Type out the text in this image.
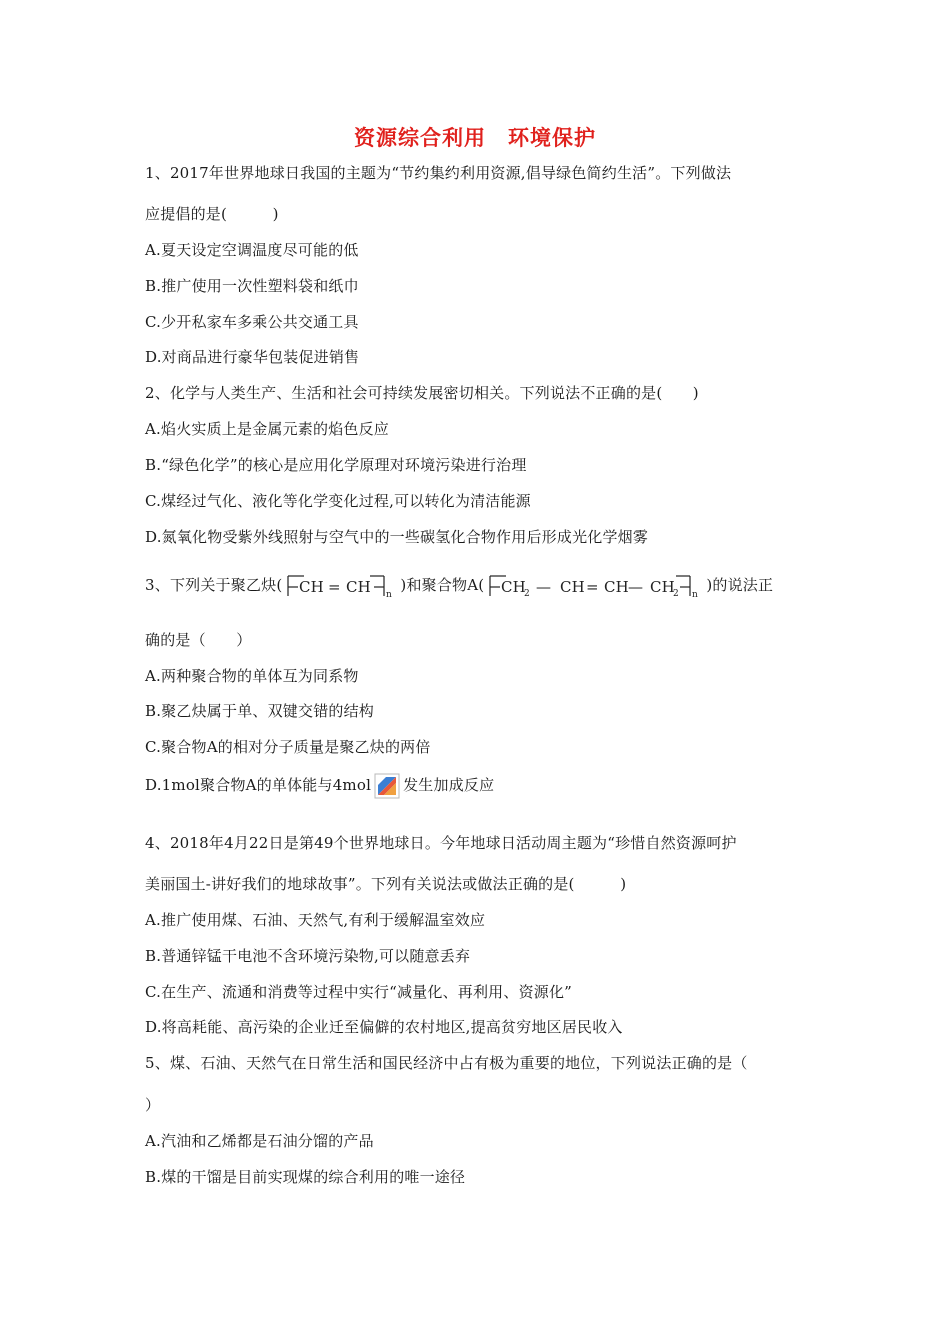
资源综合利用　环境保护
1、2017年世界地球日我国的主题为“节约集约利用资源,倡导绿色简约生活”。下列做法
应提倡的是(　　　)
A.夏天设定空调温度尽可能的低
B.推广使用一次性塑料袋和纸巾
C.少开私家车多乘公共交通工具
D.对商品进行豪华包装促进销售
2、化学与人类生产、生活和社会可持续发展密切相关。下列说法不正确的是(　　)
A.焰火实质上是金属元素的焰色反应
B.“绿色化学”的核心是应用化学原理对环境污染进行治理
C.煤经过气化、液化等化学变化过程,可以转化为清洁能源
D.氮氧化物受紫外线照射与空气中的一些碳氢化合物作用后形成光化学烟雾
3、下列关于聚乙炔( CH = CH n
)和聚合物A( CH
2 — CH = CH — CH
2 n
)的说法正
确的是（　　）
A.两种聚合物的单体互为同系物
B.聚乙炔属于单、双键交错的结构
C.聚合物A的相对分子质量是聚乙炔的两倍
D.1mol聚合物A的单体能与4mol 发生加成反应
4、2018年4月22日是第49个世界地球日。今年地球日活动周主题为“珍惜自然资源呵护
美丽国土-讲好我们的地球故事”。下列有关说法或做法正确的是(　　　)
A.推广使用煤、石油、天然气,有利于缓解温室效应
B.普通锌锰干电池不含环境污染物,可以随意丢弃
C.在生产、流通和消费等过程中实行“减量化、再利用、资源化”
D.将高耗能、高污染的企业迁至偏僻的农村地区,提高贫穷地区居民收入
5、煤、石油、天然气在日常生活和国民经济中占有极为重要的地位，下列说法正确的是（
）
A.汽油和乙烯都是石油分馏的产品
B.煤的干馏是目前实现煤的综合利用的唯一途径
